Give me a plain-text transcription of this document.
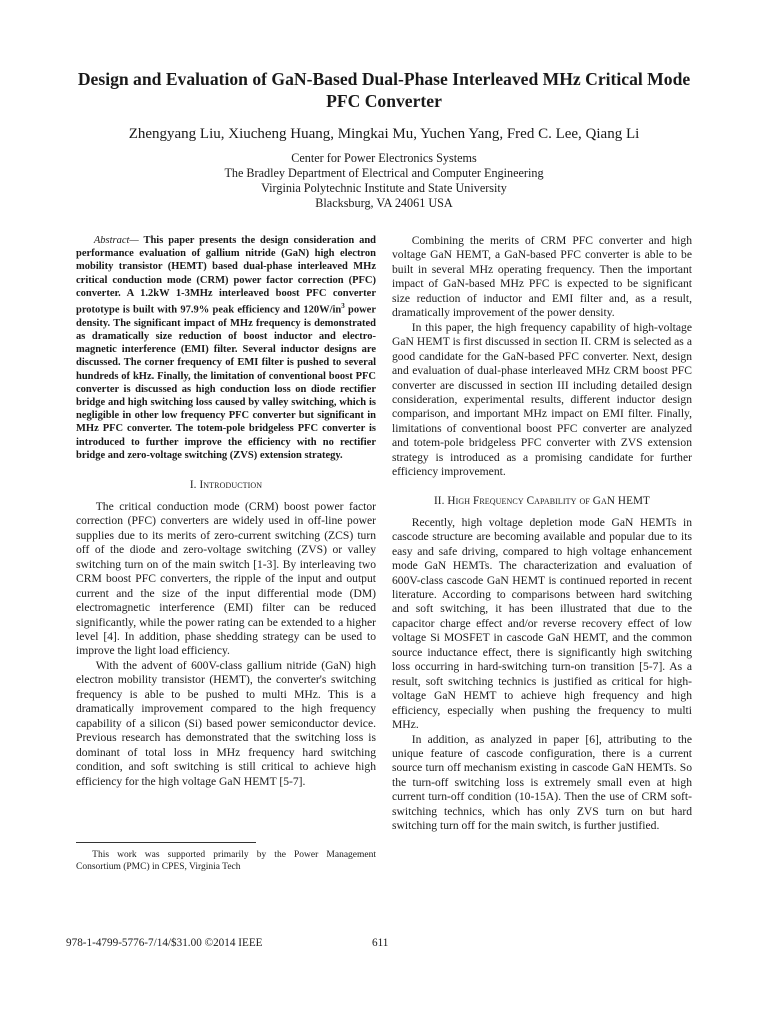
Design and Evaluation of GaN-Based Dual-Phase Interleaved MHz Critical Mode PFC Converter
Zhengyang Liu, Xiucheng Huang, Mingkai Mu, Yuchen Yang, Fred C. Lee, Qiang Li
Center for Power Electronics Systems
The Bradley Department of Electrical and Computer Engineering
Virginia Polytechnic Institute and State University
Blacksburg, VA 24061 USA

Abstract— This paper presents the design consideration and performance evaluation of gallium nitride (GaN) high electron mobility transistor (HEMT) based dual-phase interleaved MHz critical conduction mode (CRM) power factor correction (PFC) converter. A 1.2kW 1-3MHz interleaved boost PFC converter prototype is built with 97.9% peak efficiency and $120W/in^3$ power density. The significant impact of MHz frequency is demonstrated as dramatically size reduction of boost inductor and electro-magnetic interference (EMI) filter. Several inductor designs are discussed. The corner frequency of EMI filter is pushed to several hundreds of kHz. Finally, the limitation of conventional boost PFC converter is discussed as high conduction loss on diode rectifier bridge and high switching loss caused by valley switching, which is negligible in other low frequency PFC converter but significant in MHz PFC converter. The totem-pole bridgeless PFC converter is introduced to further improve the efficiency with no rectifier bridge and zero-voltage switching (ZVS) extension strategy.

I. Introduction

The critical conduction mode (CRM) boost power factor correction (PFC) converters are widely used in off-line power supplies due to its merits of zero-current switching (ZCS) turn off of the diode and zero-voltage switching (ZVS) or valley switching turn on of the main switch [1-3]. By interleaving two CRM boost PFC converters, the ripple of the input and output current and the size of the input differential mode (DM) electromagnetic interference (EMI) filter can be reduced significantly, while the power rating can be extended to a higher level [4]. In addition, phase shedding strategy can be used to improve the light load efficiency.

With the advent of 600V-class gallium nitride (GaN) high electron mobility transistor (HEMT), the converter's switching frequency is able to be pushed to multi MHz. This is a dramatically improvement compared to the high frequency capability of a silicon (Si) based power semiconductor device. Previous research has demonstrated that the switching loss is dominant of total loss in MHz frequency hard switching condition, and soft switching is still critical to achieve high efficiency for the high voltage GaN HEMT [5-7].

Combining the merits of CRM PFC converter and high voltage GaN HEMT, a GaN-based PFC converter is able to be built in several MHz operating frequency. Then the important impact of GaN-based MHz PFC is expected to be significant size reduction of inductor and EMI filter and, as a result, dramatically improvement of the power density.

In this paper, the high frequency capability of high-voltage GaN HEMT is first discussed in section II. CRM is selected as a good candidate for the GaN-based PFC converter. Next, design and evaluation of dual-phase interleaved MHz CRM boost PFC converter are discussed in section III including detailed design consideration, experimental results, different inductor design comparison, and important MHz impact on EMI filter. Finally, limitations of conventional boost PFC converter are analyzed and totem-pole bridgeless PFC converter with ZVS extension strategy is introduced as a promising candidate for further efficiency improvement.

II. High Frequency Capability of GaN HEMT

Recently, high voltage depletion mode GaN HEMTs in cascode structure are becoming available and popular due to its easy and safe driving, compared to high voltage enhancement mode GaN HEMTs. The characterization and evaluation of 600V-class cascode GaN HEMT is continued reported in recent literature. According to comparisons between hard switching and soft switching, it has been illustrated that due to the capacitor charge effect and/or reverse recovery effect of low voltage Si MOSFET in cascode GaN HEMT, and the common source inductance effect, there is significantly high switching loss occurring in hard-switching turn-on transition [5-7]. As a result, soft switching technics is justified as critical for high-voltage GaN HEMT to achieve high frequency and high efficiency, especially when pushing the frequency to multi MHz.

In addition, as analyzed in paper [6], attributing to the unique feature of cascode configuration, there is a current source turn off mechanism existing in cascode GaN HEMTs. So the turn-off switching loss is extremely small even at high current turn-off condition (10-15A). Then the use of CRM soft-switching technics, which has only ZVS turn on but hard switching turn off for the main switch, is further justified.

This work was supported primarily by the Power Management Consortium (PMC) in CPES, Virginia Tech

978-1-4799-5776-7/14/$31.00 ©2014 IEEE	611
